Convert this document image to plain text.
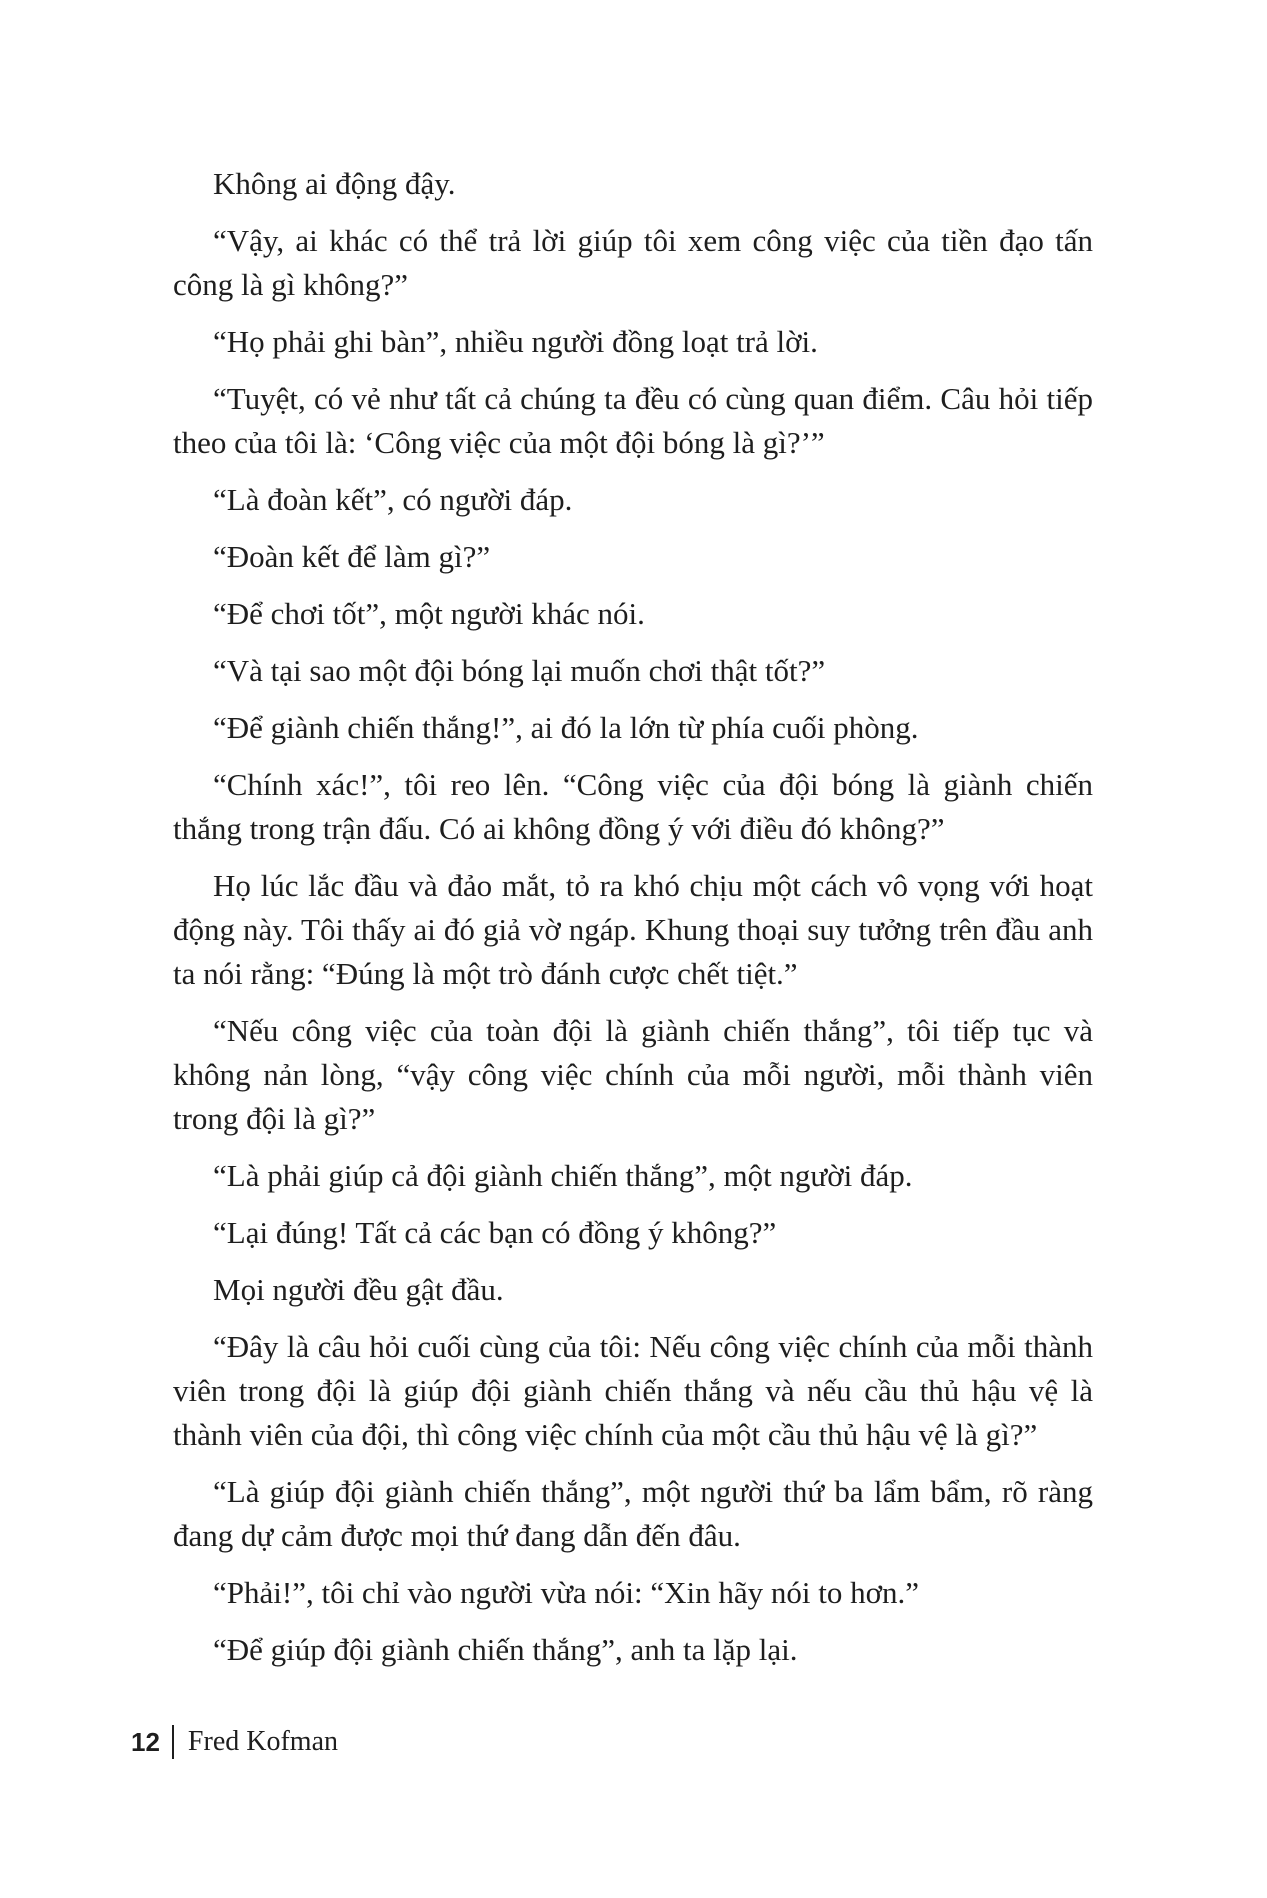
Không ai động đậy.

“Vậy, ai khác có thể trả lời giúp tôi xem công việc của tiền đạo tấn công là gì không?”

“Họ phải ghi bàn”, nhiều người đồng loạt trả lời.

“Tuyệt, có vẻ như tất cả chúng ta đều có cùng quan điểm. Câu hỏi tiếp theo của tôi là: ‘Công việc của một đội bóng là gì?’”

“Là đoàn kết”, có người đáp.

“Đoàn kết để làm gì?”

“Để chơi tốt”, một người khác nói.

“Và tại sao một đội bóng lại muốn chơi thật tốt?”

“Để giành chiến thắng!”, ai đó la lớn từ phía cuối phòng.

“Chính xác!”, tôi reo lên. “Công việc của đội bóng là giành chiến thắng trong trận đấu. Có ai không đồng ý với điều đó không?”

Họ lúc lắc đầu và đảo mắt, tỏ ra khó chịu một cách vô vọng với hoạt động này. Tôi thấy ai đó giả vờ ngáp. Khung thoại suy tưởng trên đầu anh ta nói rằng: “Đúng là một trò đánh cược chết tiệt.”

“Nếu công việc của toàn đội là giành chiến thắng”, tôi tiếp tục và không nản lòng, “vậy công việc chính của mỗi người, mỗi thành viên trong đội là gì?”

“Là phải giúp cả đội giành chiến thắng”, một người đáp.

“Lại đúng! Tất cả các bạn có đồng ý không?”

Mọi người đều gật đầu.

“Đây là câu hỏi cuối cùng của tôi: Nếu công việc chính của mỗi thành viên trong đội là giúp đội giành chiến thắng và nếu cầu thủ hậu vệ là thành viên của đội, thì công việc chính của một cầu thủ hậu vệ là gì?”

“Là giúp đội giành chiến thắng”, một người thứ ba lẩm bẩm, rõ ràng đang dự cảm được mọi thứ đang dẫn đến đâu.

“Phải!”, tôi chỉ vào người vừa nói: “Xin hãy nói to hơn.”

“Để giúp đội giành chiến thắng”, anh ta lặp lại.

12 Fred Kofman
